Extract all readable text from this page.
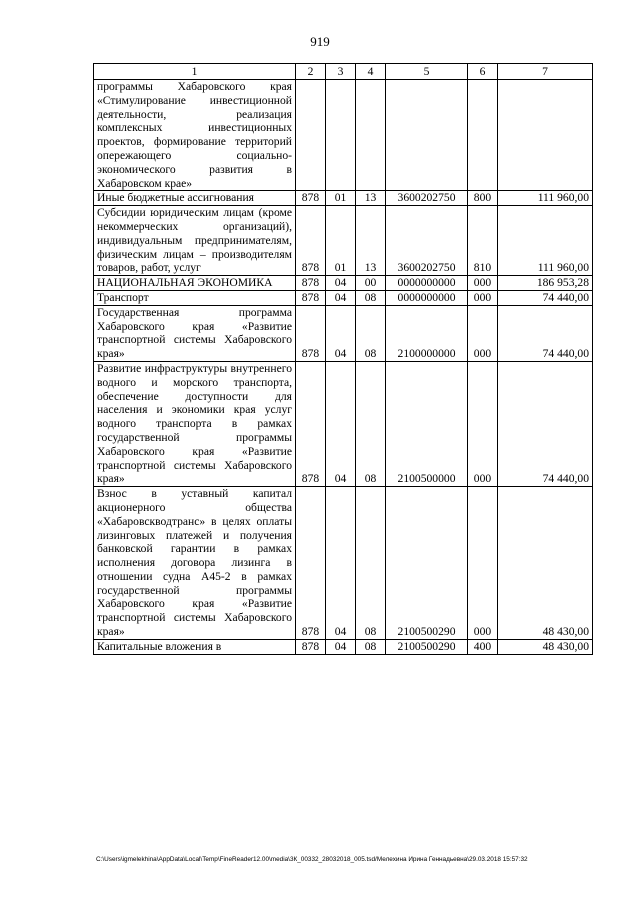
919
1	2	3	4	5	6	7
программы Хабаровского края «Стимулирование инвестиционной деятельности, реализация комплексных инвестиционных проектов, формирование территорий опережающего социально-экономического развития в Хабаровском крае»						
Иные бюджетные ассигнования	878	01	13	3600202750	800	111 960,00
Субсидии юридическим лицам (кроме некоммерческих организаций), индивидуальным предпринимателям, физическим лицам – производителям товаров, работ, услуг	878	01	13	3600202750	810	111 960,00
НАЦИОНАЛЬНАЯ ЭКОНОМИКА	878	04	00	0000000000	000	186 953,28
Транспорт	878	04	08	0000000000	000	74 440,00
Государственная программа Хабаровского края «Развитие транспортной системы Хабаровского края»	878	04	08	2100000000	000	74 440,00
Развитие инфраструктуры внутреннего водного и морского транспорта, обеспечение доступности для населения и экономики края услуг водного транспорта в рамках государственной программы Хабаровского края «Развитие транспортной системы Хабаровского края»	878	04	08	2100500000	000	74 440,00
Взнос в уставный капитал акционерного общества «Хабаровскводтранс» в целях оплаты лизинговых платежей и получения банковской гарантии в рамках исполнения договора лизинга в отношении судна А45-2 в рамках государственной программы Хабаровского края «Развитие транспортной системы Хабаровского края»	878	04	08	2100500290	000	48 430,00
Капитальные вложения в	878	04	08	2100500290	400	48 430,00
C:\Users\igmelekhina\AppData\Local\Temp\FineReader12.00\media\3К_00332_28032018_005.tsd/Мелехина Ирина Геннадьевна\29.03.2018 15:57:32
